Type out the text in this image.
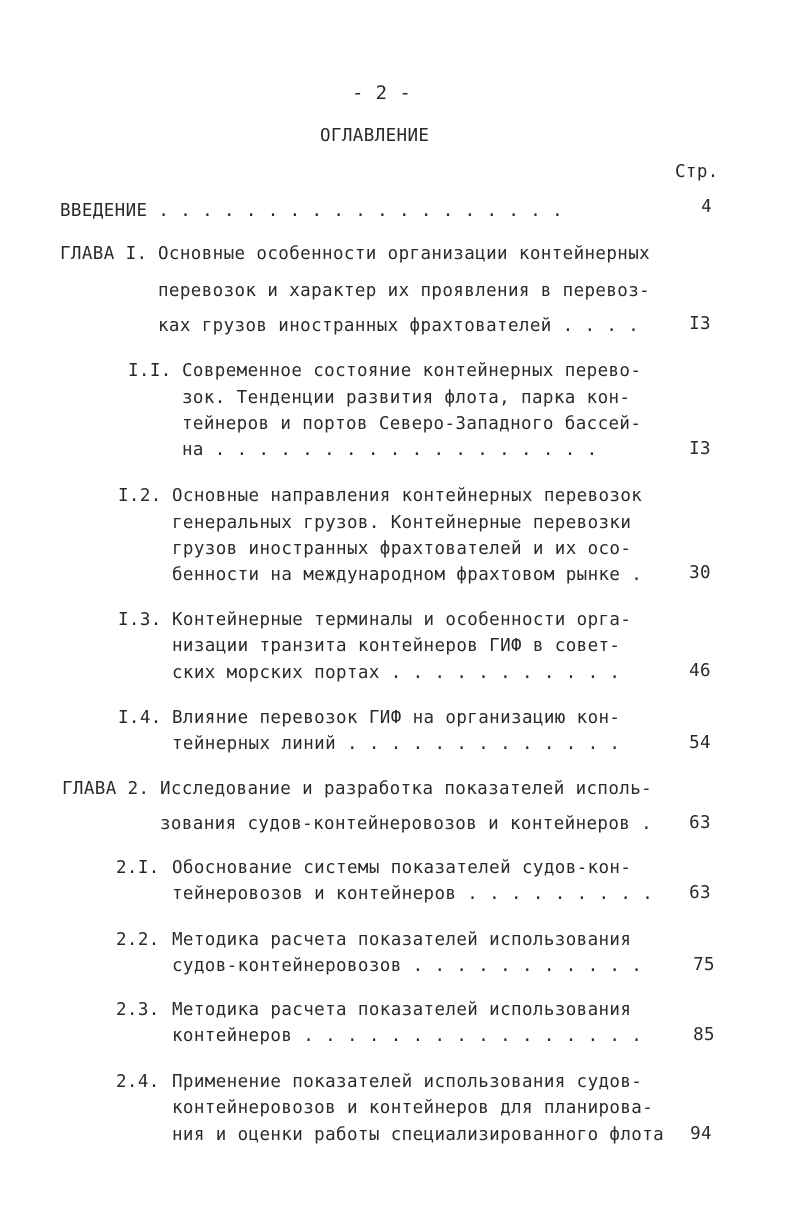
- 2 -
ОГЛАВЛЕНИЕ
Стр.
ВВЕДЕНИЕ . . . . . . . . . . . . . . . . . . .	4
ГЛАВА I. Основные особенности организации контейнерных
перевозок и характер их проявления в перевоз-
ках грузов иностранных фрахтователей . . . .	I3
I.I. Современное состояние контейнерных перево-
зок. Тенденции развития флота, парка кон-
тейнеров и портов Северо-Западного бассей-
на . . . . . . . . . . . . . . . . . .	I3
I.2. Основные направления контейнерных перевозок
генеральных грузов. Контейнерные перевозки
грузов иностранных фрахтователей и их осо-
бенности на международном фрахтовом рынке .	30
I.3. Контейнерные терминалы и особенности орга-
низации транзита контейнеров ГИФ в совет-
ских морских портах . . . . . . . . . . .	46
I.4. Влияние перевозок ГИФ на организацию кон-
тейнерных линий . . . . . . . . . . . . .	54
ГЛАВА 2. Исследование и разработка показателей исполь-
зования судов-контейнеровозов и контейнеров .	63
2.I. Обоснование системы показателей судов-кон-
тейнеровозов и контейнеров . . . . . . . . .	63
2.2. Методика расчета показателей использования
судов-контейнеровозов . . . . . . . . . . .	75
2.3. Методика расчета показателей использования
контейнеров . . . . . . . . . . . . . . . .	85
2.4. Применение показателей использования судов-
контейнеровозов и контейнеров для планирова-
ния и оценки работы специализированного флота	94
